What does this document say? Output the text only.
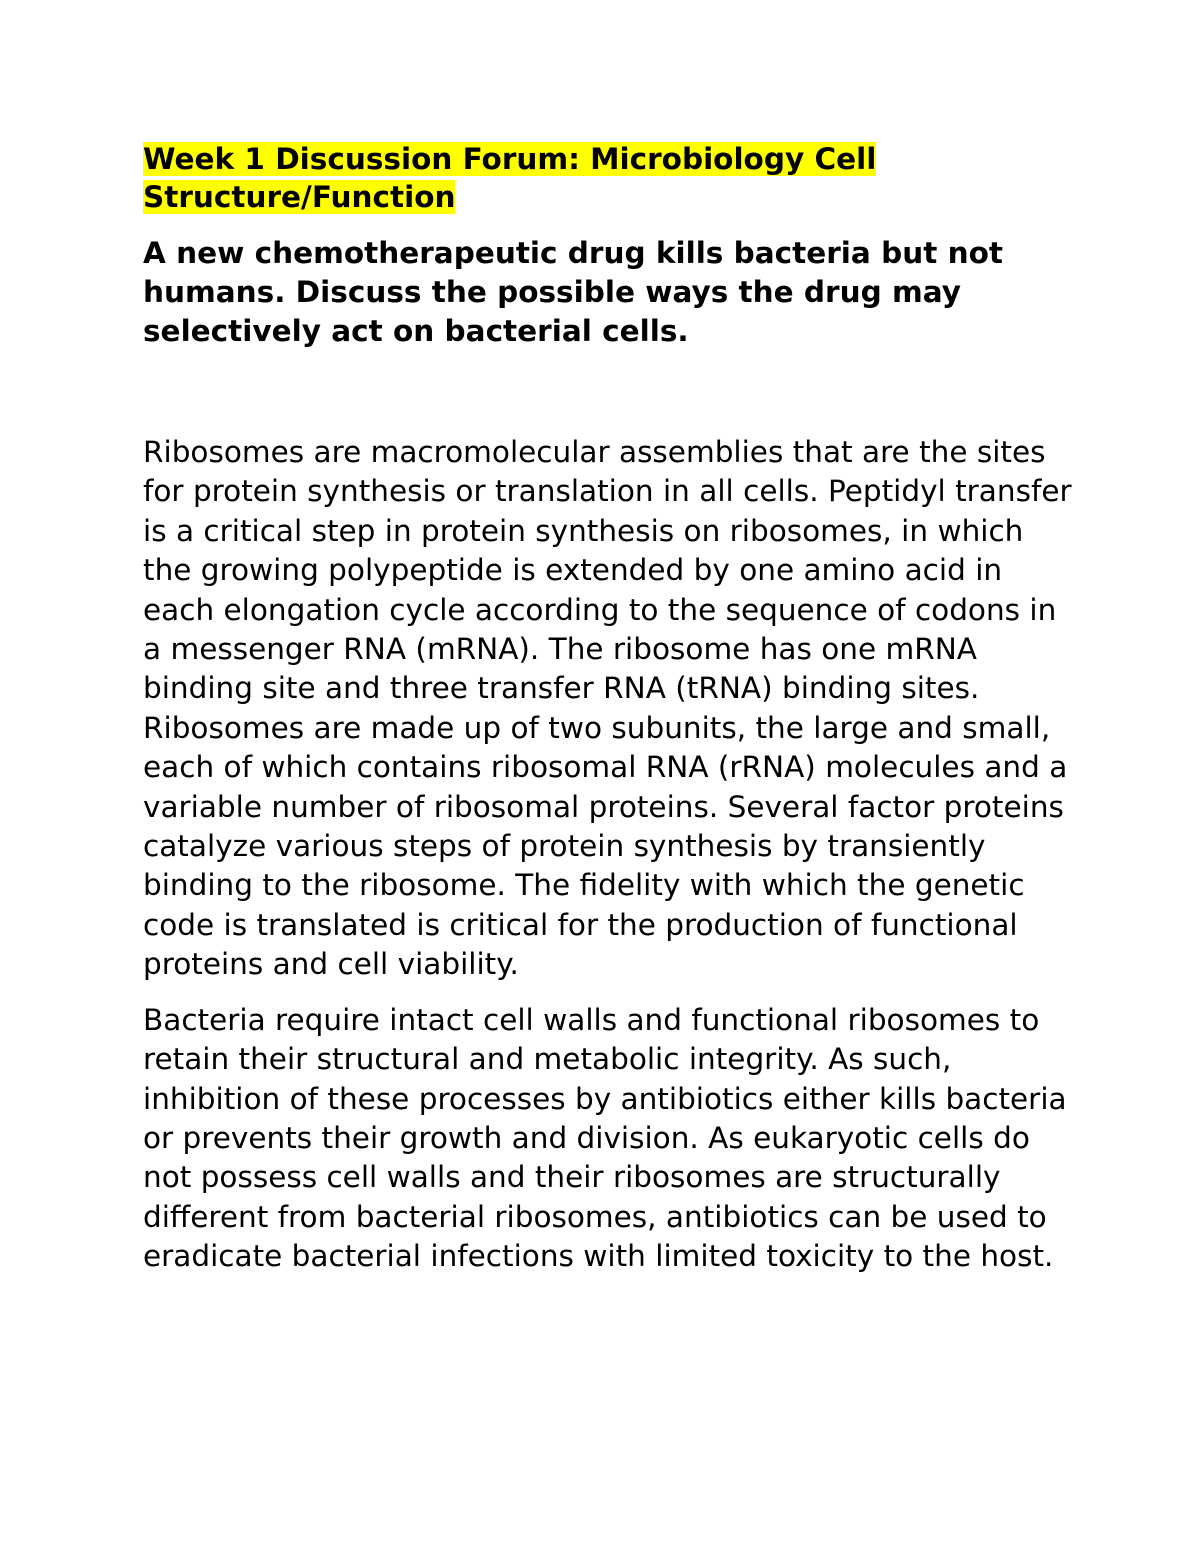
Week 1 Discussion Forum: Microbiology Cell Structure/Function

A new chemotherapeutic drug kills bacteria but not humans. Discuss the possible ways the drug may selectively act on bacterial cells.

Ribosomes are macromolecular assemblies that are the sites for protein synthesis or translation in all cells. Peptidyl transfer is a critical step in protein synthesis on ribosomes, in which the growing polypeptide is extended by one amino acid in each elongation cycle according to the sequence of codons in a messenger RNA (mRNA). The ribosome has one mRNA binding site and three transfer RNA (tRNA) binding sites. Ribosomes are made up of two subunits, the large and small, each of which contains ribosomal RNA (rRNA) molecules and a variable number of ribosomal proteins. Several factor proteins catalyze various steps of protein synthesis by transiently binding to the ribosome. The fidelity with which the genetic code is translated is critical for the production of functional proteins and cell viability.

Bacteria require intact cell walls and functional ribosomes to retain their structural and metabolic integrity. As such, inhibition of these processes by antibiotics either kills bacteria or prevents their growth and division. As eukaryotic cells do not possess cell walls and their ribosomes are structurally different from bacterial ribosomes, antibiotics can be used to eradicate bacterial infections with limited toxicity to the host.
